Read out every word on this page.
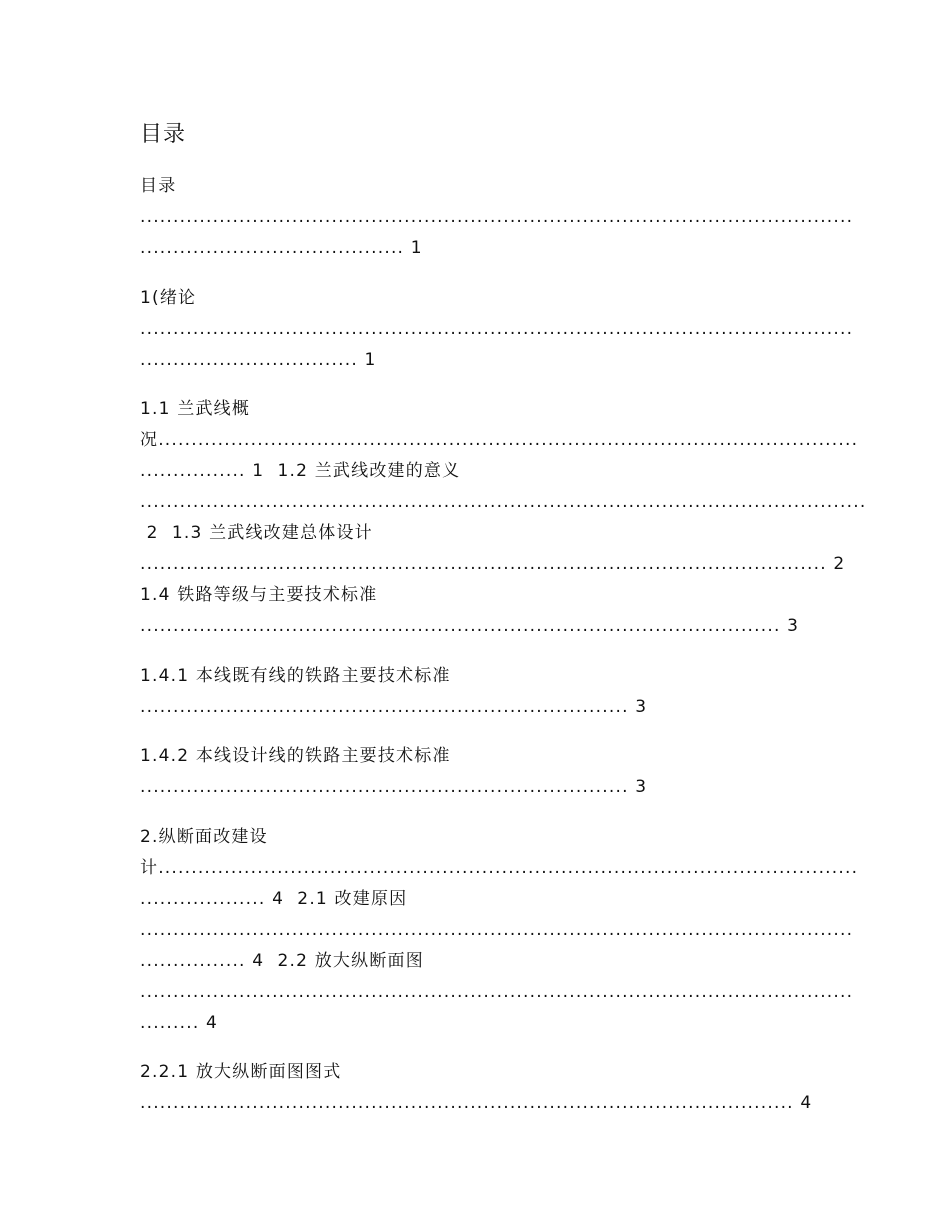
目录
目录
............................................................................................................
........................................ 1
1(绪论
............................................................................................................
................................. 1
1.1 兰武线概
况..........................................................................................................
................ 1  1.2 兰武线改建的意义
..............................................................................................................
2  1.3 兰武线改建总体设计
........................................................................................................ 2
1.4 铁路等级与主要技术标准
................................................................................................. 3
1.4.1 本线既有线的铁路主要技术标准
.......................................................................... 3
1.4.2 本线设计线的铁路主要技术标准
.......................................................................... 3
2.纵断面改建设
计..........................................................................................................
................... 4  2.1 改建原因
............................................................................................................
................ 4  2.2 放大纵断面图
............................................................................................................
......... 4
2.2.1 放大纵断面图图式
................................................................................................... 4
